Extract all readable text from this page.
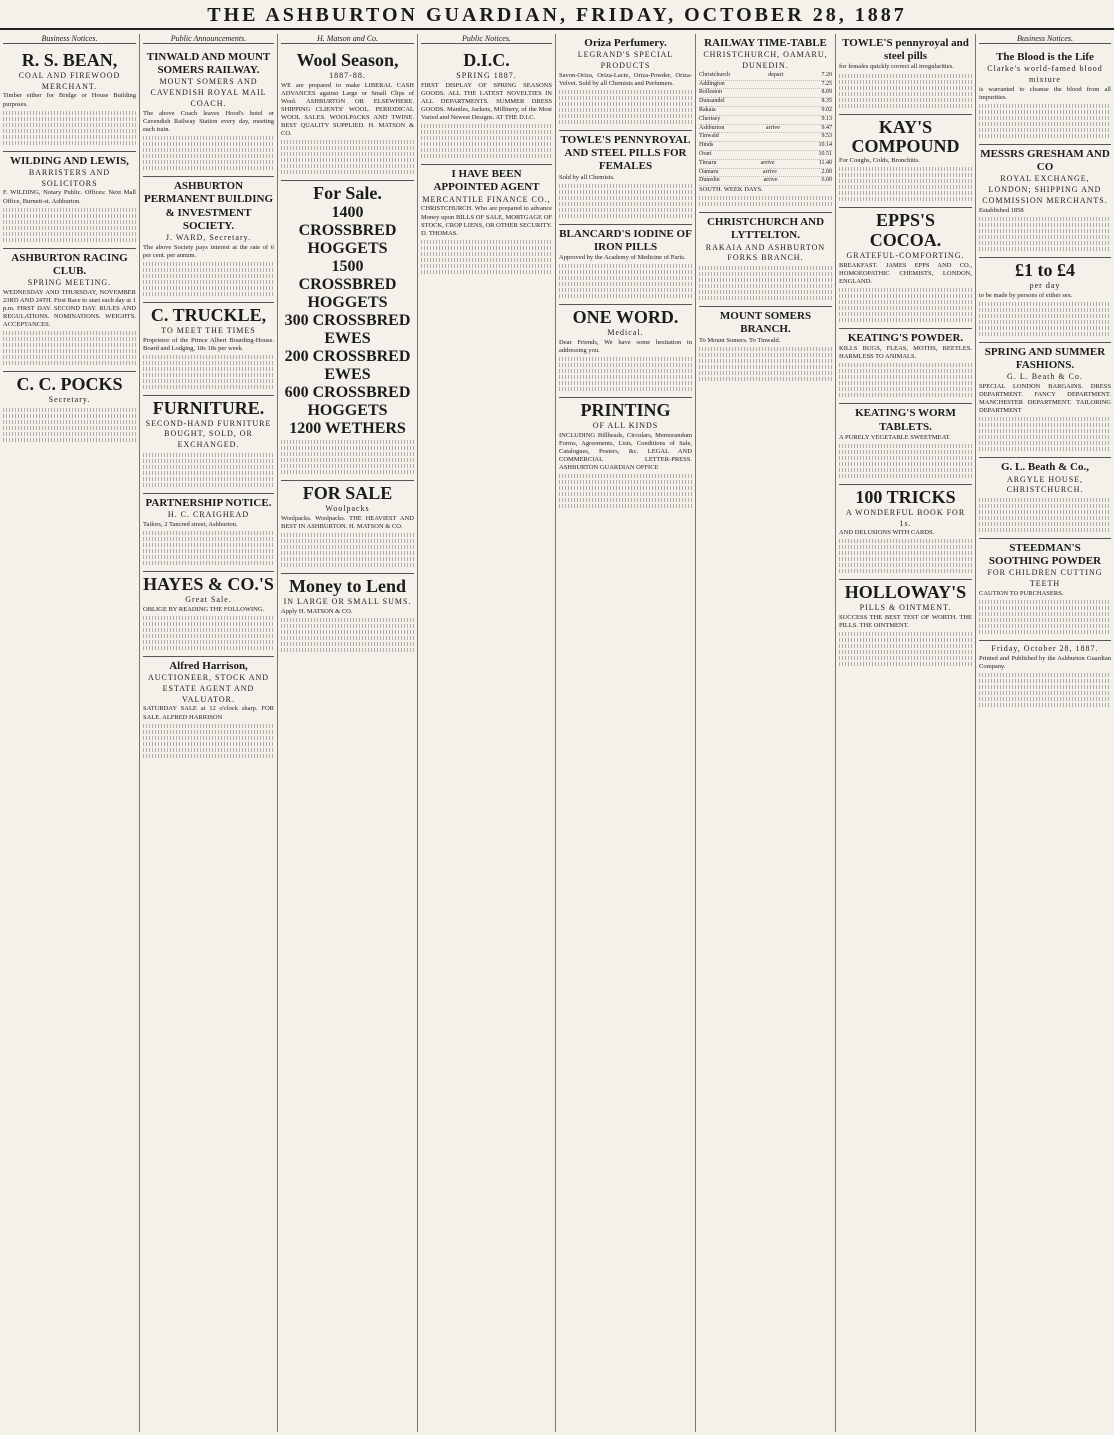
THE ASHBURTON GUARDIAN, FRIDAY, OCTOBER 28, 1887
Business Notices.
R. S. BEAN,
COAL AND FIREWOOD MERCHANT.
Timber either for Bridge or House Building purposes.
WILDING AND LEWIS,
BARRISTERS AND SOLICITORS
F. WILDING, Notary Public. Offices: Next Mall Office, Burnett-st. Ashburton.
ASHBURTON RACING CLUB.
SPRING MEETING.
WEDNESDAY AND THURSDAY, NOVEMBER 23RD AND 24TH. First Race to start each day at 1 p.m. FIRST DAY. SECOND DAY. RULES AND REGULATIONS. NOMINATIONS. WEIGHTS. ACCEPTANCES.
C. C. POCKS
Secretary.
Public Announcements.
TINWALD AND MOUNT SOMERS RAILWAY.
MOUNT SOMERS AND CAVENDISH ROYAL MAIL COACH.
The above Coach leaves Hood's hotel or Cavendish Railway Station every day, meeting each train.
ASHBURTON PERMANENT BUILDING & INVESTMENT SOCIETY.
J. WARD, Secretary.
The above Society pays interest at the rate of 6 per cent. per annum.
C. TRUCKLE,
TO MEET THE TIMES
Proprietor of the Prince Albert Boarding-House. Board and Lodging, 18s 18s per week.
FURNITURE.
SECOND-HAND FURNITURE BOUGHT, SOLD, OR EXCHANGED.
PARTNERSHIP NOTICE.
H. C. CRAIGHEAD
Tailors, 2 Tancred street, Ashburton.
HAYES & CO.'S
Great Sale.
OBLIGE BY READING THE FOLLOWING.
Alfred Harrison,
AUCTIONEER, STOCK AND ESTATE AGENT AND VALUATOR.
SATURDAY SALE at 12 o'clock sharp. FOR SALE. ALFRED HARRISON
H. Matson and Co.
Wool Season,
1887-88.
WE are prepared to make LIBERAL CASH ADVANCES against Large or Small Clips of Wool. ASHBURTON OR ELSEWHERE. SHIPPING CLIENTS' WOOL. PERIODICAL WOOL SALES. WOOLPACKS AND TWINE. BEST QUALITY SUPPLIED. H. MATSON & CO.
For Sale.
1400 CROSSBRED HOGGETS
1500 CROSSBRED HOGGETS
300 CROSSBRED EWES
200 CROSSBRED EWES
600 CROSSBRED HOGGETS
1200 WETHERS
FOR SALE
Woolpacks
Woolpacks. Woolpacks. THE HEAVIEST AND BEST IN ASHBURTON. H. MATSON & CO.
Money to Lend
IN LARGE OR SMALL SUMS.
Apply H. MATSON & CO.
Public Notices.
D.I.C.
SPRING 1887.
FIRST DISPLAY OF SPRING SEASONS GOODS. ALL THE LATEST NOVELTIES IN ALL DEPARTMENTS. SUMMER DRESS GOODS. Mantles, Jackets, Millinery, of the Most Varied and Newest Designs. AT THE D.I.C.
I HAVE BEEN APPOINTED AGENT
MERCANTILE FINANCE CO.,
CHRISTCHURCH. Who are prepared to advance Money upon BILLS OF SALE, MORTGAGE OF STOCK, CROP LIENS, OR OTHER SECURITY. D. THOMAS.
Oriza Perfumery.
LEGRAND'S SPECIAL PRODUCTS
Savon-Oriza, Oriza-Lacte, Oriza-Powder, Oriza-Velvet. Sold by all Chemists and Perfumers.
TOWLE'S PENNYROYAL AND STEEL PILLS FOR FEMALES
Sold by all Chemists.
BLANCARD'S IODINE OF IRON PILLS
Approved by the Academy of Medicine of Paris.
ONE WORD.
Medical.
Dear Friends, We have some hesitation in addressing you.
PRINTING
OF ALL KINDS
INCLUDING Billheads, Circulars, Memorandum Forms, Agreements, Lists, Conditions of Sale, Catalogues, Posters, &c. LEGAL AND COMMERCIAL LETTER-PRESS. ASHBURTON GUARDIAN OFFICE
RAILWAY TIME-TABLE
CHRISTCHURCH, OAMARU, DUNEDIN.
Christchurch	depart	7.20
Addington	7.25
Rolleston	8.09
Dunsandel	8.35
Rakaia	9.02
Chertsey	9.13
Ashburton	arrive	9.47
Tinwald	9.53
Hinds	10.14
Orari	10.51
Timaru	arrive	11.40
Oamaru	arrive	2.00
Dunedin	arrive	6.00
SOUTH. WEEK DAYS.
CHRISTCHURCH AND LYTTELTON.
RAKAIA AND ASHBURTON FORKS BRANCH.
MOUNT SOMERS BRANCH.
To Mount Somers. To Tinwald.
TOWLE'S pennyroyal and steel pills
for females quickly correct all irregularities.
KAY'S COMPOUND
For Coughs, Colds, Bronchitis.
EPPS'S COCOA.
GRATEFUL-COMFORTING.
BREAKFAST. JAMES EPPS AND CO., HOMOEOPATHIC CHEMISTS, LONDON, ENGLAND.
KEATING'S POWDER.
KILLS BUGS, FLEAS, MOTHS, BEETLES. HARMLESS TO ANIMALS.
KEATING'S WORM TABLETS.
A PURELY VEGETABLE SWEETMEAT.
100 TRICKS
A WONDERFUL BOOK FOR 1s.
AND DELUSIONS WITH CARDS.
HOLLOWAY'S
PILLS & OINTMENT.
SUCCESS THE BEST TEST OF WORTH. THE PILLS. THE OINTMENT.
Business Notices.
The Blood is the Life
Clarke's world-famed blood mixture
is warranted to cleanse the blood from all impurities.
MESSRS GRESHAM AND CO
ROYAL EXCHANGE, LONDON; SHIPPING AND COMMISSION MERCHANTS.
Established 1858
£1 to £4
per day
to be made by persons of either sex.
SPRING AND SUMMER FASHIONS.
G. L. Beath & Co.
SPECIAL LONDON BARGAINS. DRESS DEPARTMENT. FANCY DEPARTMENT. MANCHESTER DEPARTMENT. TAILORING DEPARTMENT
G. L. Beath & Co.,
ARGYLE HOUSE, CHRISTCHURCH.
STEEDMAN'S SOOTHING POWDER
FOR CHILDREN CUTTING TEETH
CAUTION TO PURCHASERS.
Friday, October 28, 1887.
Printed and Published by the Ashburton Guardian Company.
